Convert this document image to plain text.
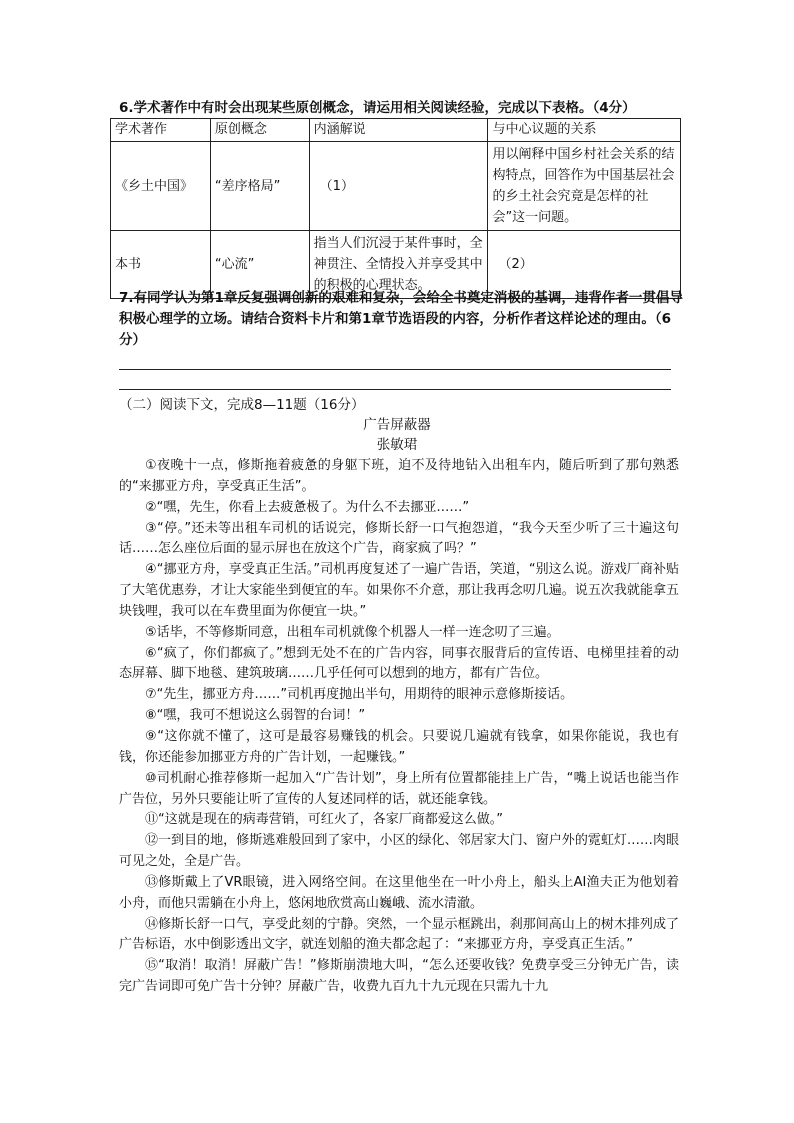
6.学术著作中有时会出现某些原创概念，请运用相关阅读经验，完成以下表格。（4分）
学术著作	原创概念	内涵解说	与中心议题的关系
《乡土中国》	“差序格局”	（1）	用以阐释中国乡村社会关系的结构特点，回答作为中国基层社会的乡土社会究竟是怎样的社会”这一问题。
本书	“心流”	指当人们沉浸于某件事时，全神贯注、全情投入并享受其中的积极的心理状态。	（2）
7.有同学认为第1章反复强调创新的艰难和复杂，会给全书奠定消极的基调，违背作者一贯倡导积极心理学的立场。请结合资料卡片和第1章节选语段的内容，分析作者这样论述的理由。（6分）
（二）阅读下文，完成8—11题（16分）
广告屏蔽器
张敏珺

①夜晚十一点，修斯拖着疲惫的身躯下班，迫不及待地钻入出租车内，随后听到了那句熟悉的“来挪亚方舟，享受真正生活”。

②“嘿，先生，你看上去疲惫极了。为什么不去挪亚……”

③“停。”还未等出租车司机的话说完，修斯长舒一口气抱怨道，“我今天至少听了三十遍这句话……怎么座位后面的显示屏也在放这个广告，商家疯了吗？”

④“挪亚方舟，享受真正生活。”司机再度复述了一遍广告语，笑道，“别这么说。游戏厂商补贴了大笔优惠券，才让大家能坐到便宜的车。如果你不介意，那让我再念叨几遍。说五次我就能拿五块钱哩，我可以在车费里面为你便宜一块。”

⑤话毕，不等修斯同意，出租车司机就像个机器人一样一连念叨了三遍。

⑥“疯了，你们都疯了。”想到无处不在的广告内容，同事衣服背后的宣传语、电梯里挂着的动态屏幕、脚下地毯、建筑玻璃……几乎任何可以想到的地方，都有广告位。

⑦“先生，挪亚方舟……”司机再度抛出半句，用期待的眼神示意修斯接话。

⑧“嘿，我可不想说这么弱智的台词！”

⑨“这你就不懂了，这可是最容易赚钱的机会。只要说几遍就有钱拿，如果你能说，我也有钱，你还能参加挪亚方舟的广告计划，一起赚钱。”

⑩司机耐心推荐修斯一起加入“广告计划”，身上所有位置都能挂上广告，“嘴上说话也能当作广告位，另外只要能让听了宣传的人复述同样的话，就还能拿钱。

⑪“这就是现在的病毒营销，可红火了，各家厂商都爱这么做。”

⑫一到目的地，修斯逃难般回到了家中，小区的绿化、邻居家大门、窗户外的霓虹灯……肉眼可见之处，全是广告。

⑬修斯戴上了VR眼镜，进入网络空间。在这里他坐在一叶小舟上，船头上AI渔夫正为他划着小舟，而他只需躺在小舟上，悠闲地欣赏高山巍峨、流水清澈。

⑭修斯长舒一口气，享受此刻的宁静。突然，一个显示框跳出，刹那间高山上的树木排列成了广告标语，水中倒影透出文字，就连划船的渔夫都念起了：“来挪亚方舟，享受真正生活。”

⑮“取消！取消！屏蔽广告！”修斯崩溃地大叫，“怎么还要收钱？免费享受三分钟无广告，读完广告词即可免广告十分钟？屏蔽广告，收费九百九十九元现在只需九十九
